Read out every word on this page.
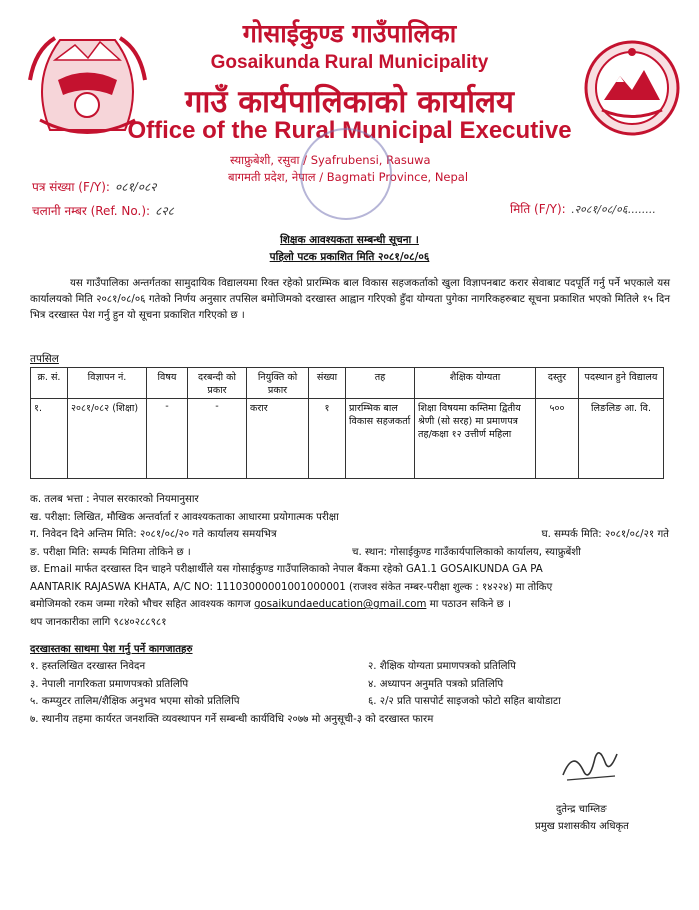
गोसाईकुण्ड गाउँपालिका
Gosaikunda Rural Municipality
गाउँ कार्यपालिकाको कार्यालय
Office of the Rural Municipal Executive
स्याफ्रुबेशी, रसुवा / Syafrubensi, Rasuwa
बागमती प्रदेश, नेपाल / Bagmati Province, Nepal
पत्र संख्या (F/Y): ०८१/०८२
चलानी नम्बर (Ref. No.): ८२८	मिति (F/Y): .२०८१/०८/०६........
शिक्षक आवश्यकता सम्बन्धी सूचना ।
पहिलो पटक प्रकाशित मिति २०८१/०८/०६
यस गाउँपालिका अन्तर्गतका सामुदायिक विद्यालयमा रिक्त रहेको प्रारम्भिक बाल विकास सहजकर्ताको खुला विज्ञापनबाट करार सेवाबाट पदपूर्ति गर्नु पर्ने भएकाले यस कार्यालयको मिति २०८१/०८/०६ गतेको निर्णय अनुसार तपसिल बमोजिमको दरखास्त आह्वान गरिएको हुँदा योग्यता पुगेका नागरिकहरुबाट सूचना प्रकाशित भएको मितिले १५ दिन भित्र दरखास्त पेश गर्नु हुन यो सूचना प्रकाशित गरिएको छ ।
तपसिल
क्र. सं.	विज्ञापन नं.	विषय	दरबन्दी को प्रकार	नियुक्ति को प्रकार	संख्या	तह	शैक्षिक योग्यता	दस्तुर	पदस्थान हुने विद्यालय
१.	२०८१/०८२ (शिक्षा)	-	-	करार	१	प्रारम्भिक बाल विकास सहजकर्ता	शिक्षा विषयमा कम्तिमा द्वितीय श्रेणी (सो सरह) मा प्रमाणपत्र तह/कक्षा १२ उत्तीर्ण महिला	५००	लिङलिङ आ. वि.
क. तलब भत्ता : नेपाल सरकारको नियमानुसार
ख. परीक्षा: लिखित, मौखिक अन्तर्वार्ता र आवश्यकताका आधारमा प्रयोगात्मक परीक्षा
ग. निवेदन दिने अन्तिम मिति: २०८१/०८/२० गते कार्यालय समयभित्र	घ. सम्पर्क मिति: २०८१/०८/२१ गते
ङ. परीक्षा मिति: सम्पर्क मितिमा तोकिने छ ।	च. स्थान: गोसाईकुण्ड गाउँकार्यपालिकाको कार्यालय, स्याफ्रुबेंशी
छ. Email मार्फत दरखास्त दिन चाहने परीक्षार्थीले यस गोसाईकुण्ड गाउँपालिकाको नेपाल बैंकमा रहेको GA1.1 GOSAIKUNDA GA PA
AANTARIK RAJASWA KHATA, A/C NO: 11103000001001000001 (राजश्व संकेत नम्बर-परीक्षा शुल्क : १४२२४) मा तोकिए
बमोजिमको रकम जम्मा गरेको भौचर सहित आवश्यक कागज gosaikundaeducation@gmail.com मा पठाउन सकिने छ ।
थप जानकारीका लागि ९८४०२८८९८१
दरखास्तका साथमा पेश गर्नु पर्ने कागजातहरु
१. हस्तलिखित दरखास्त निवेदन	२. शैक्षिक योग्यता प्रमाणपत्रको प्रतिलिपि
३. नेपाली नागरिकता प्रमाणपत्रको प्रतिलिपि	४. अध्यापन अनुमति पत्रको प्रतिलिपि
५. कम्प्युटर तालिम/शैक्षिक अनुभव भएमा सोको प्रतिलिपि	६. २/२ प्रति पासपोर्ट साइजको फोटो सहित बायोडाटा
७. स्थानीय तहमा कार्यरत जनशक्ति व्यवस्थापन गर्ने सम्बन्धी कार्यविधि २०७७ मो अनुसूची-३ को दरखास्त फारम
दुतेन्द्र चाम्लिङ
प्रमुख प्रशासकीय अधिकृत
